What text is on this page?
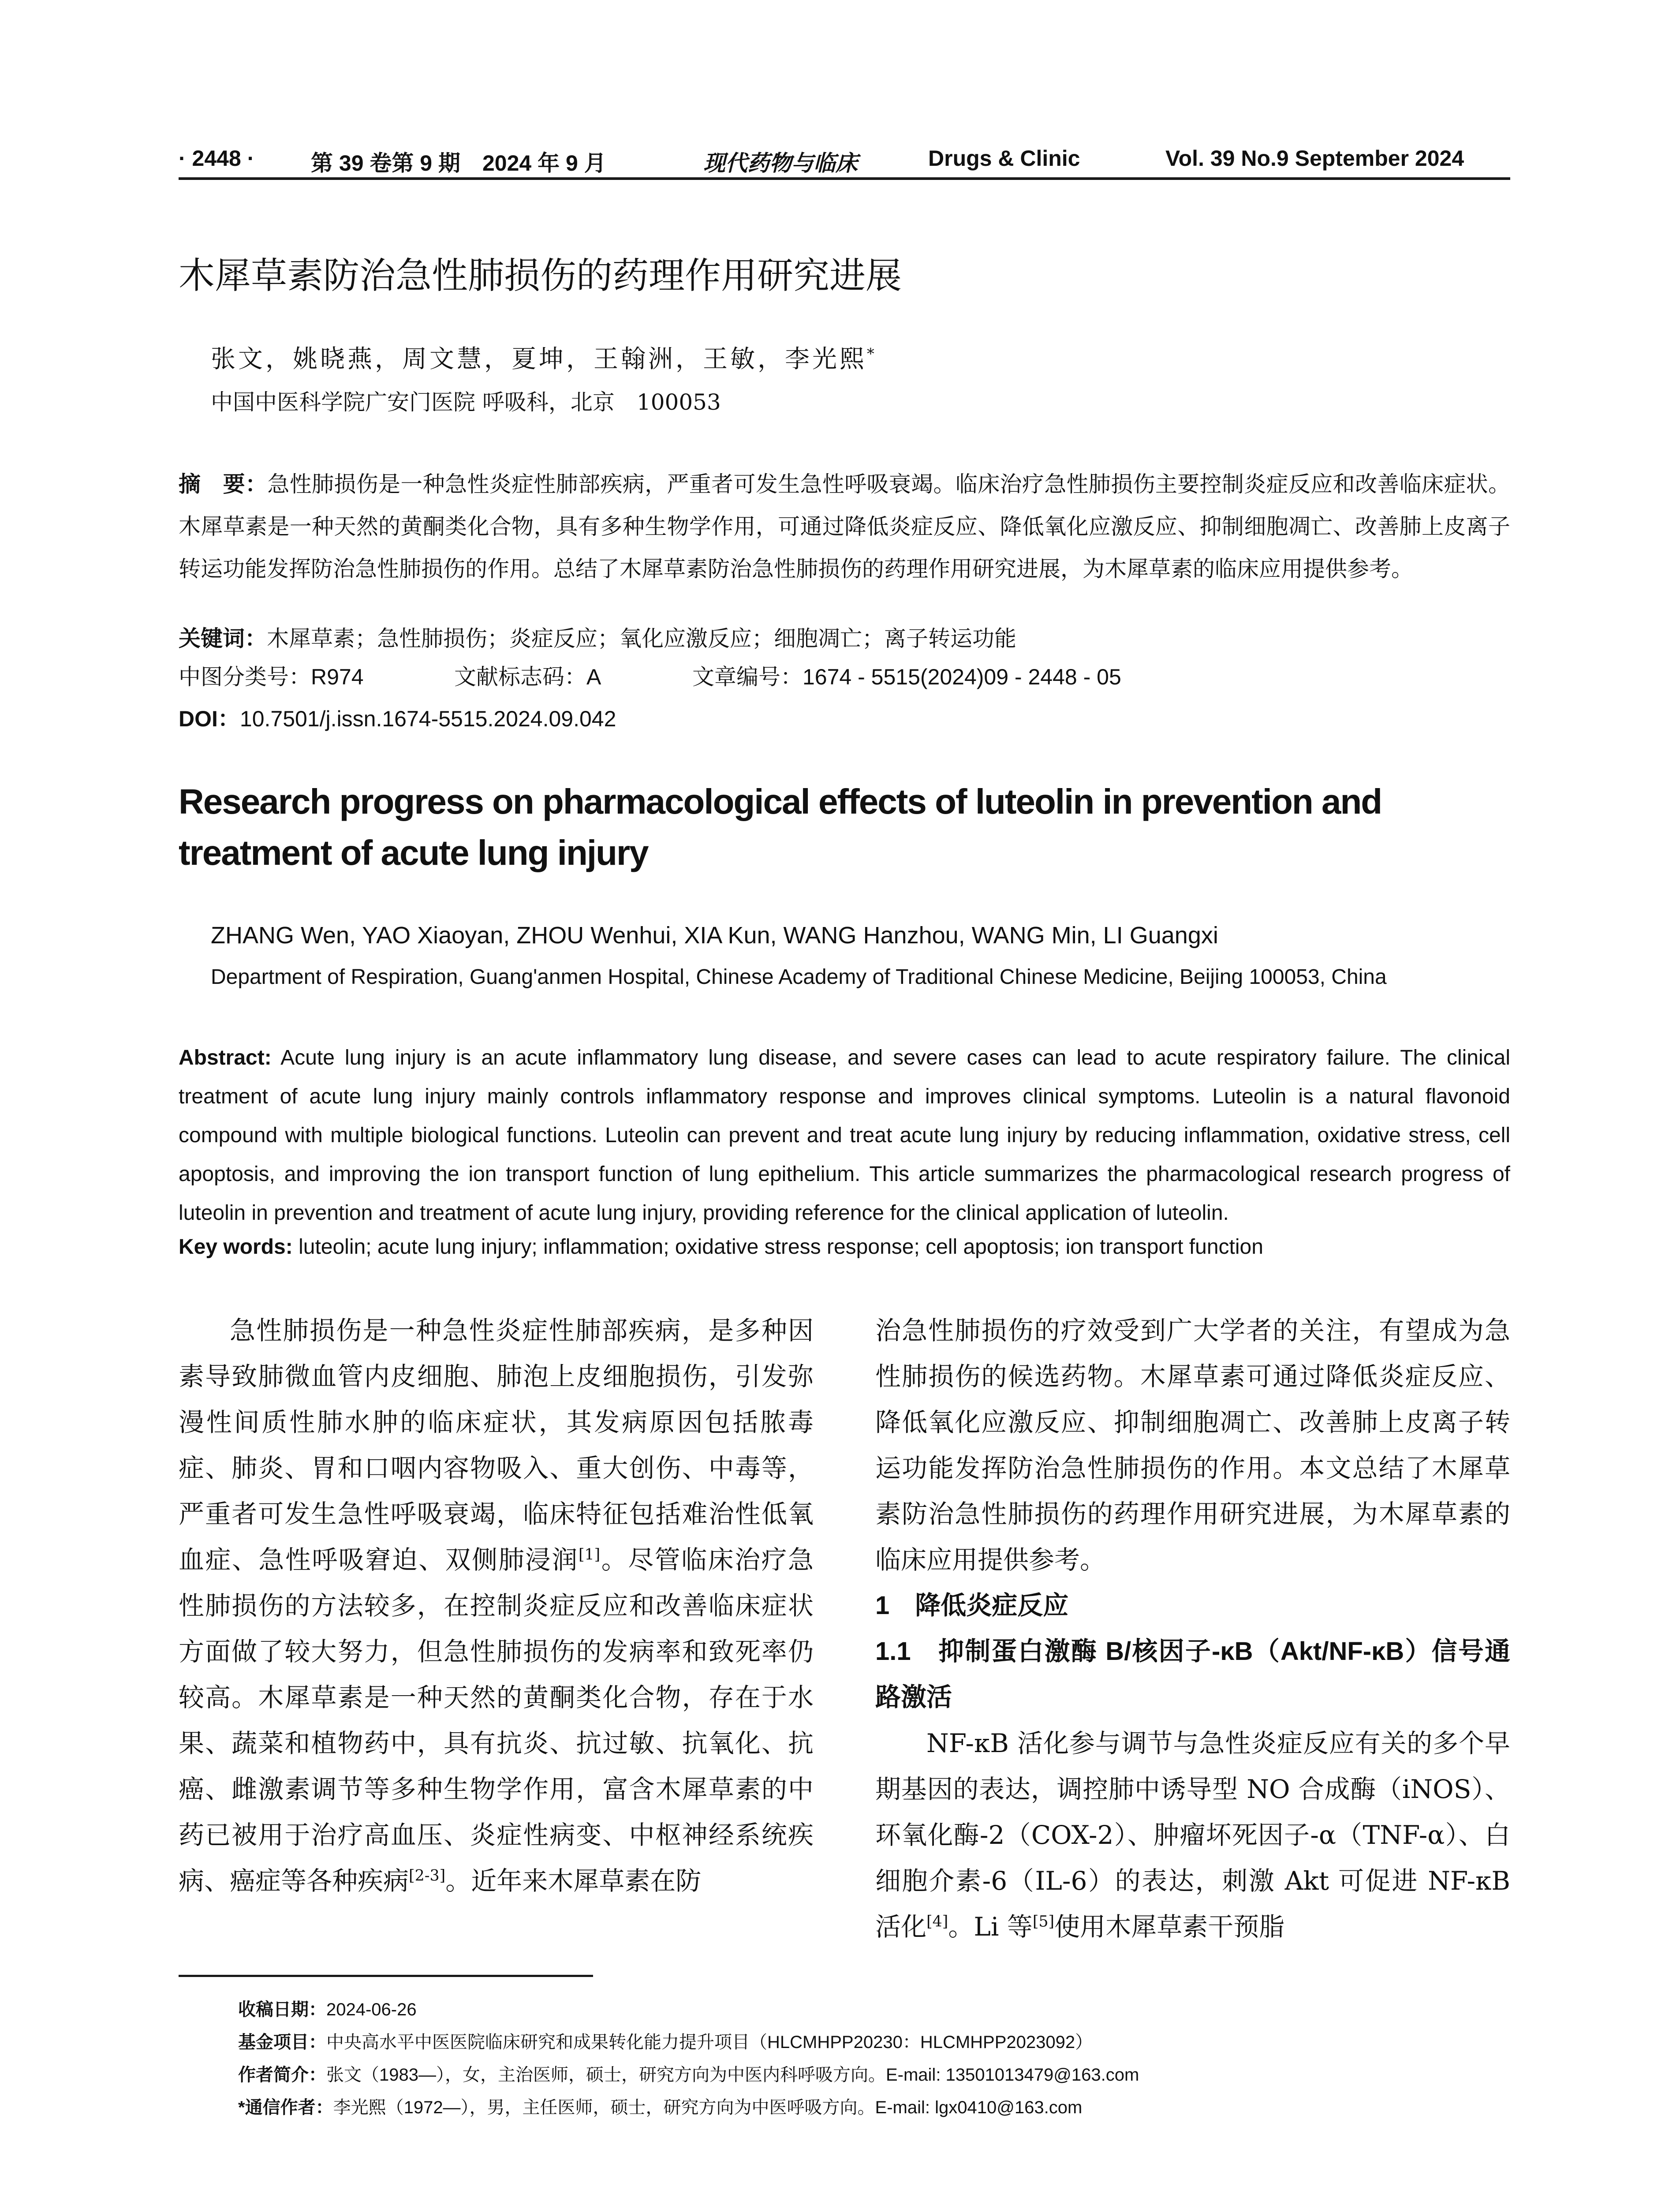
· 2448 ·	第 39 卷第 9 期　2024 年 9 月	现代药物与临床	Drugs & Clinic	Vol. 39 No.9 September 2024
木犀草素防治急性肺损伤的药理作用研究进展
张文，姚晓燕，周文慧，夏坤，王翰洲，王敏，李光熙*
中国中医科学院广安门医院 呼吸科，北京　100053
摘　要：急性肺损伤是一种急性炎症性肺部疾病，严重者可发生急性呼吸衰竭。临床治疗急性肺损伤主要控制炎症反应和改善临床症状。木犀草素是一种天然的黄酮类化合物，具有多种生物学作用，可通过降低炎症反应、降低氧化应激反应、抑制细胞凋亡、改善肺上皮离子转运功能发挥防治急性肺损伤的作用。总结了木犀草素防治急性肺损伤的药理作用研究进展，为木犀草素的临床应用提供参考。
关键词：木犀草素；急性肺损伤；炎症反应；氧化应激反应；细胞凋亡；离子转运功能
中图分类号：R974	文献标志码：A	文章编号：1674 - 5515(2024)09 - 2448 - 05
DOI：10.7501/j.issn.1674-5515.2024.09.042
Research progress on pharmacological effects of luteolin in prevention and treatment of acute lung injury
ZHANG Wen, YAO Xiaoyan, ZHOU Wenhui, XIA Kun, WANG Hanzhou, WANG Min, LI Guangxi
Department of Respiration, Guang'anmen Hospital, Chinese Academy of Traditional Chinese Medicine, Beijing 100053, China
Abstract: Acute lung injury is an acute inflammatory lung disease, and severe cases can lead to acute respiratory failure. The clinical treatment of acute lung injury mainly controls inflammatory response and improves clinical symptoms. Luteolin is a natural flavonoid compound with multiple biological functions. Luteolin can prevent and treat acute lung injury by reducing inflammation, oxidative stress, cell apoptosis, and improving the ion transport function of lung epithelium. This article summarizes the pharmacological research progress of luteolin in prevention and treatment of acute lung injury, providing reference for the clinical application of luteolin.
Key words: luteolin; acute lung injury; inflammation; oxidative stress response; cell apoptosis; ion transport function

急性肺损伤是一种急性炎症性肺部疾病，是多种因素导致肺微血管内皮细胞、肺泡上皮细胞损伤，引发弥漫性间质性肺水肿的临床症状，其发病原因包括脓毒症、肺炎、胃和口咽内容物吸入、重大创伤、中毒等，严重者可发生急性呼吸衰竭，临床特征包括难治性低氧血症、急性呼吸窘迫、双侧肺浸润[1]。尽管临床治疗急性肺损伤的方法较多，在控制炎症反应和改善临床症状方面做了较大努力，但急性肺损伤的发病率和致死率仍较高。木犀草素是一种天然的黄酮类化合物，存在于水果、蔬菜和植物药中，具有抗炎、抗过敏、抗氧化、抗癌、雌激素调节等多种生物学作用，富含木犀草素的中药已被用于治疗高血压、炎症性病变、中枢神经系统疾病、癌症等各种疾病[2-3]。近年来木犀草素在防

治急性肺损伤的疗效受到广大学者的关注，有望成为急性肺损伤的候选药物。木犀草素可通过降低炎症反应、降低氧化应激反应、抑制细胞凋亡、改善肺上皮离子转运功能发挥防治急性肺损伤的作用。本文总结了木犀草素防治急性肺损伤的药理作用研究进展，为木犀草素的临床应用提供参考。

1　降低炎症反应

1.1　抑制蛋白激酶 B/核因子-κB（Akt/NF-κB）信号通路激活

NF-κB 活化参与调节与急性炎症反应有关的多个早期基因的表达，调控肺中诱导型 NO 合成酶（iNOS）、环氧化酶-2（COX-2）、肿瘤坏死因子-α（TNF-α）、白细胞介素-6（IL-6）的表达，刺激 Akt 可促进 NF-κB 活化[4]。Li 等[5]使用木犀草素干预脂

收稿日期：2024-06-26
基金项目：中央高水平中医医院临床研究和成果转化能力提升项目（HLCMHPP20230：HLCMHPP2023092）
作者简介：张文（1983—），女，主治医师，硕士，研究方向为中医内科呼吸方向。E-mail: 13501013479@163.com
*通信作者：李光熙（1972—），男，主任医师，硕士，研究方向为中医呼吸方向。E-mail: lgx0410@163.com
